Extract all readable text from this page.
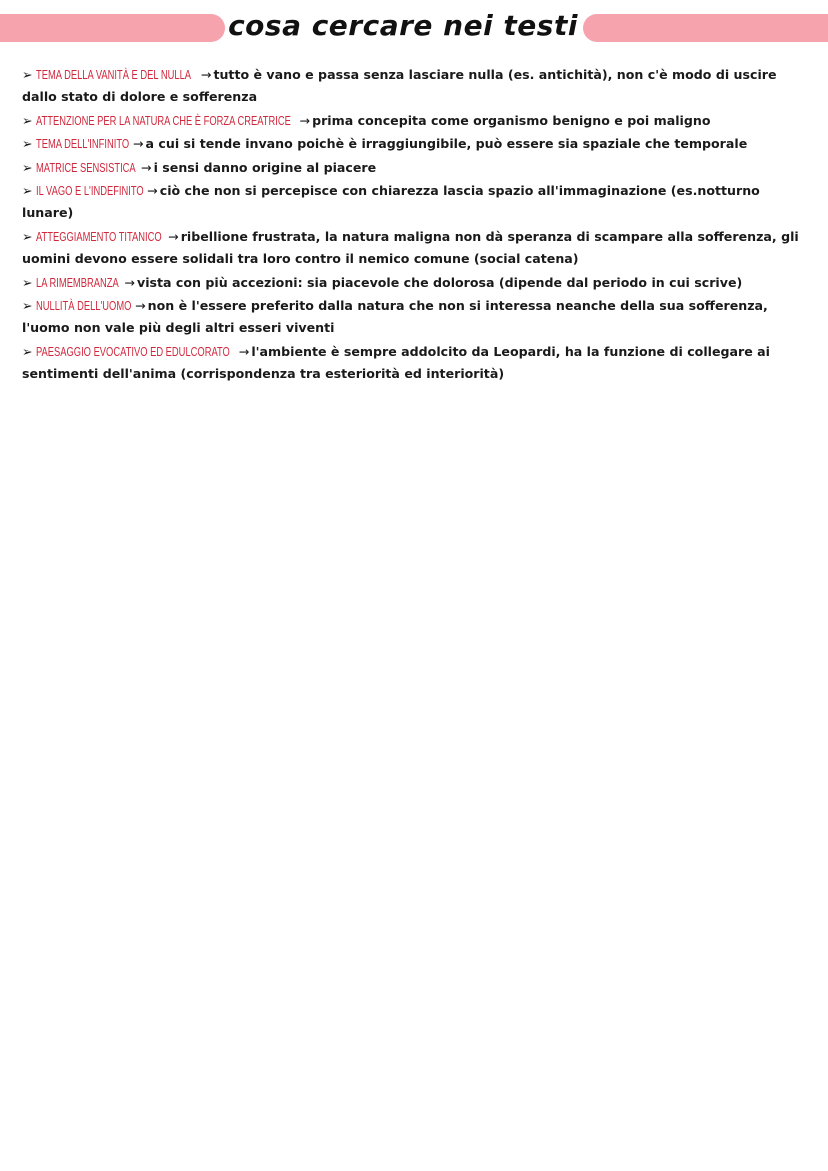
cosa cercare nei testi

➢ TEMA DELLA VANITÀ E DEL NULLA → tutto è vano e passa senza lasciare nulla (es. antichità), non c'è modo di uscire dallo stato di dolore e sofferenza

➢ ATTENZIONE PER LA NATURA CHE È FORZA CREATRICE → prima concepita come organismo benigno e poi maligno

➢ TEMA DELL'INFINITO → a cui si tende invano poichè è irraggiungibile, può essere sia spaziale che temporale

➢ MATRICE SENSISTICA → i sensi danno origine al piacere

➢ IL VAGO E L'INDEFINITO → ciò che non si percepisce con chiarezza lascia spazio all'immaginazione (es.notturno lunare)

➢ ATTEGGIAMENTO TITANICO → ribellione frustrata, la natura maligna non dà speranza di scampare alla sofferenza, gli uomini devono essere solidali tra loro contro il nemico comune (social catena)

➢ LA RIMEMBRANZA → vista con più accezioni: sia piacevole che dolorosa (dipende dal periodo in cui scrive)

➢ NULLITÀ DELL'UOMO → non è l'essere preferito dalla natura che non si interessa neanche della sua sofferenza, l'uomo non vale più degli altri esseri viventi

➢ PAESAGGIO EVOCATIVO ED EDULCORATO → l'ambiente è sempre addolcito da Leopardi, ha la funzione di collegare ai sentimenti dell'anima (corrispondenza tra esteriorità ed interiorità)
